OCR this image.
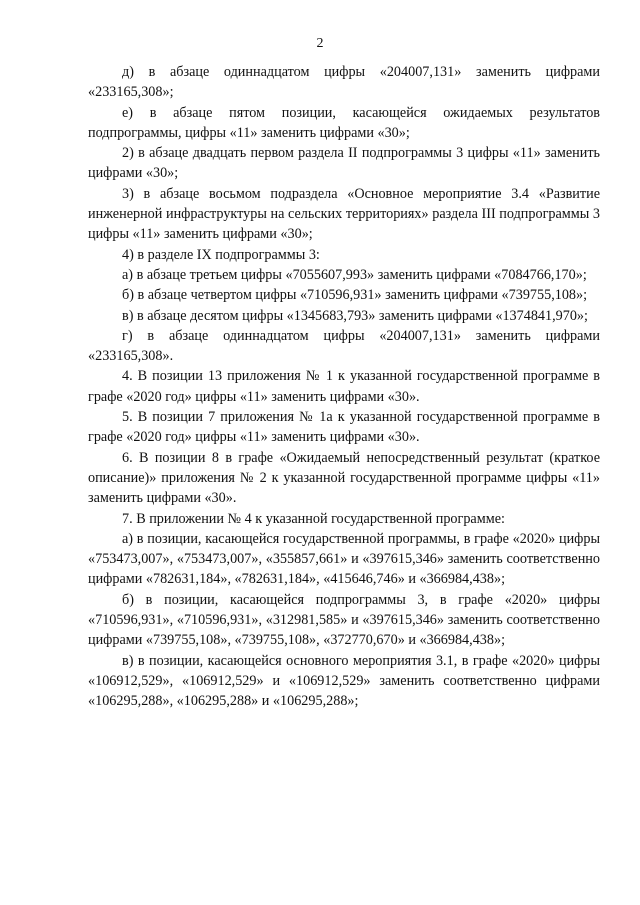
2

д) в абзаце одиннадцатом цифры «204007,131» заменить цифрами «233165,308»;

е) в абзаце пятом позиции, касающейся ожидаемых результатов подпрограммы, цифры «11» заменить цифрами «30»;

2) в абзаце двадцать первом раздела II подпрограммы 3 цифры «11» заменить цифрами «30»;

3) в абзаце восьмом подраздела «Основное мероприятие 3.4 «Развитие инженерной инфраструктуры на сельских территориях» раздела III подпрограммы 3 цифры «11» заменить цифрами «30»;

4) в разделе IX подпрограммы 3:

а) в абзаце третьем цифры «7055607,993» заменить цифрами «7084766,170»;

б) в абзаце четвертом цифры «710596,931» заменить цифрами «739755,108»;

в) в абзаце десятом цифры «1345683,793» заменить цифрами «1374841,970»;

г) в абзаце одиннадцатом цифры «204007,131» заменить цифрами «233165,308».

4. В позиции 13 приложения № 1 к указанной государственной программе в графе «2020 год» цифры «11» заменить цифрами «30».

5. В позиции 7 приложения № 1а к указанной государственной программе в графе «2020 год» цифры «11» заменить цифрами «30».

6. В позиции 8 в графе «Ожидаемый непосредственный результат (краткое описание)» приложения № 2 к указанной государственной программе цифры «11» заменить цифрами «30».

7. В приложении № 4 к указанной государственной программе:

а) в позиции, касающейся государственной программы, в графе «2020» цифры «753473,007», «753473,007», «355857,661» и «397615,346» заменить соответственно цифрами «782631,184», «782631,184», «415646,746» и «366984,438»;

б) в позиции, касающейся подпрограммы 3, в графе «2020» цифры «710596,931», «710596,931», «312981,585» и «397615,346» заменить соответственно цифрами «739755,108», «739755,108», «372770,670» и «366984,438»;

в) в позиции, касающейся основного мероприятия 3.1, в графе «2020» цифры «106912,529», «106912,529» и «106912,529» заменить соответственно цифрами «106295,288», «106295,288» и «106295,288»;
